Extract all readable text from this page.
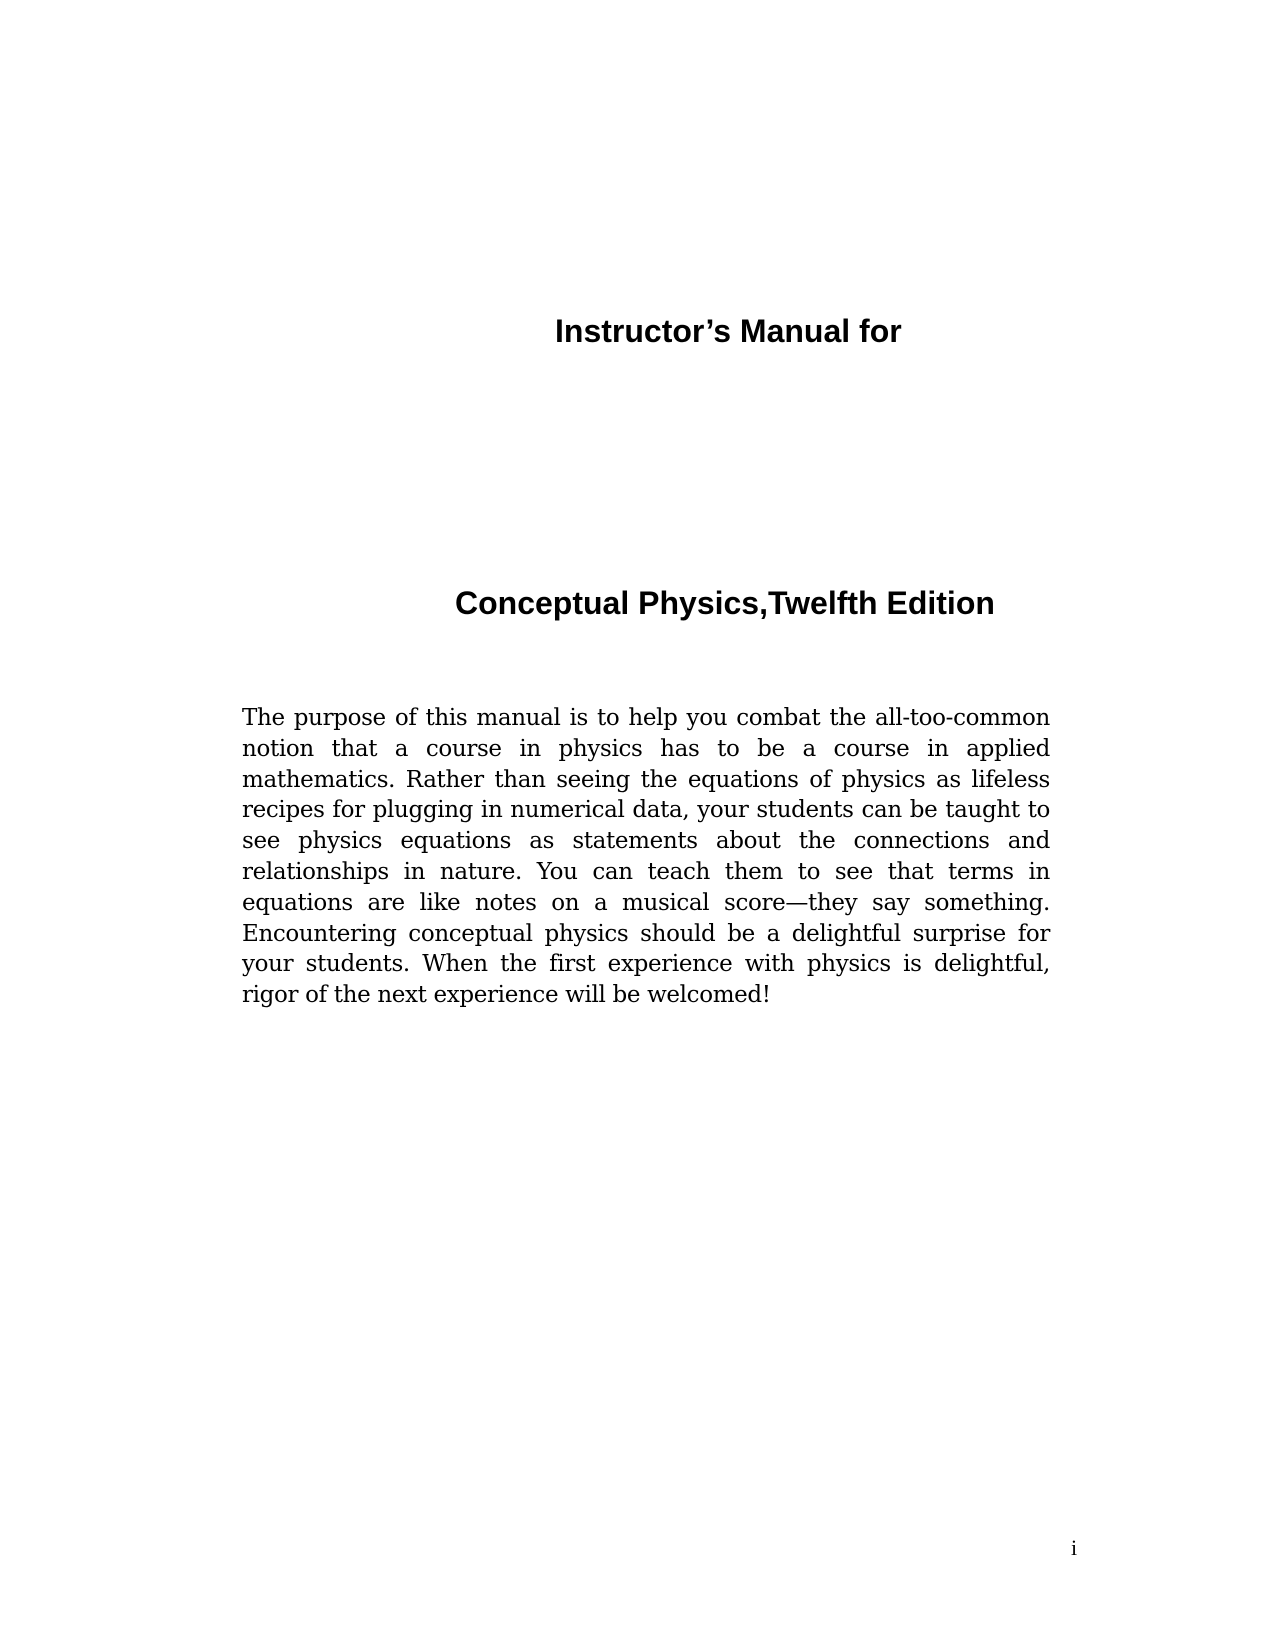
Instructor’s Manual for
Conceptual Physics,Twelfth Edition

The purpose of this manual is to help you combat the all-too-common notion that a course in physics has to be a course in applied mathematics. Rather than seeing the equations of physics as lifeless recipes for plugging in numerical data, your students can be taught to see physics equations as statements about the connections and relationships in nature. You can teach them to see that terms in equations are like notes on a musical score—they say something. Encountering conceptual physics should be a delightful surprise for your students. When the first experience with physics is delightful, rigor of the next experience will be welcomed!

i
